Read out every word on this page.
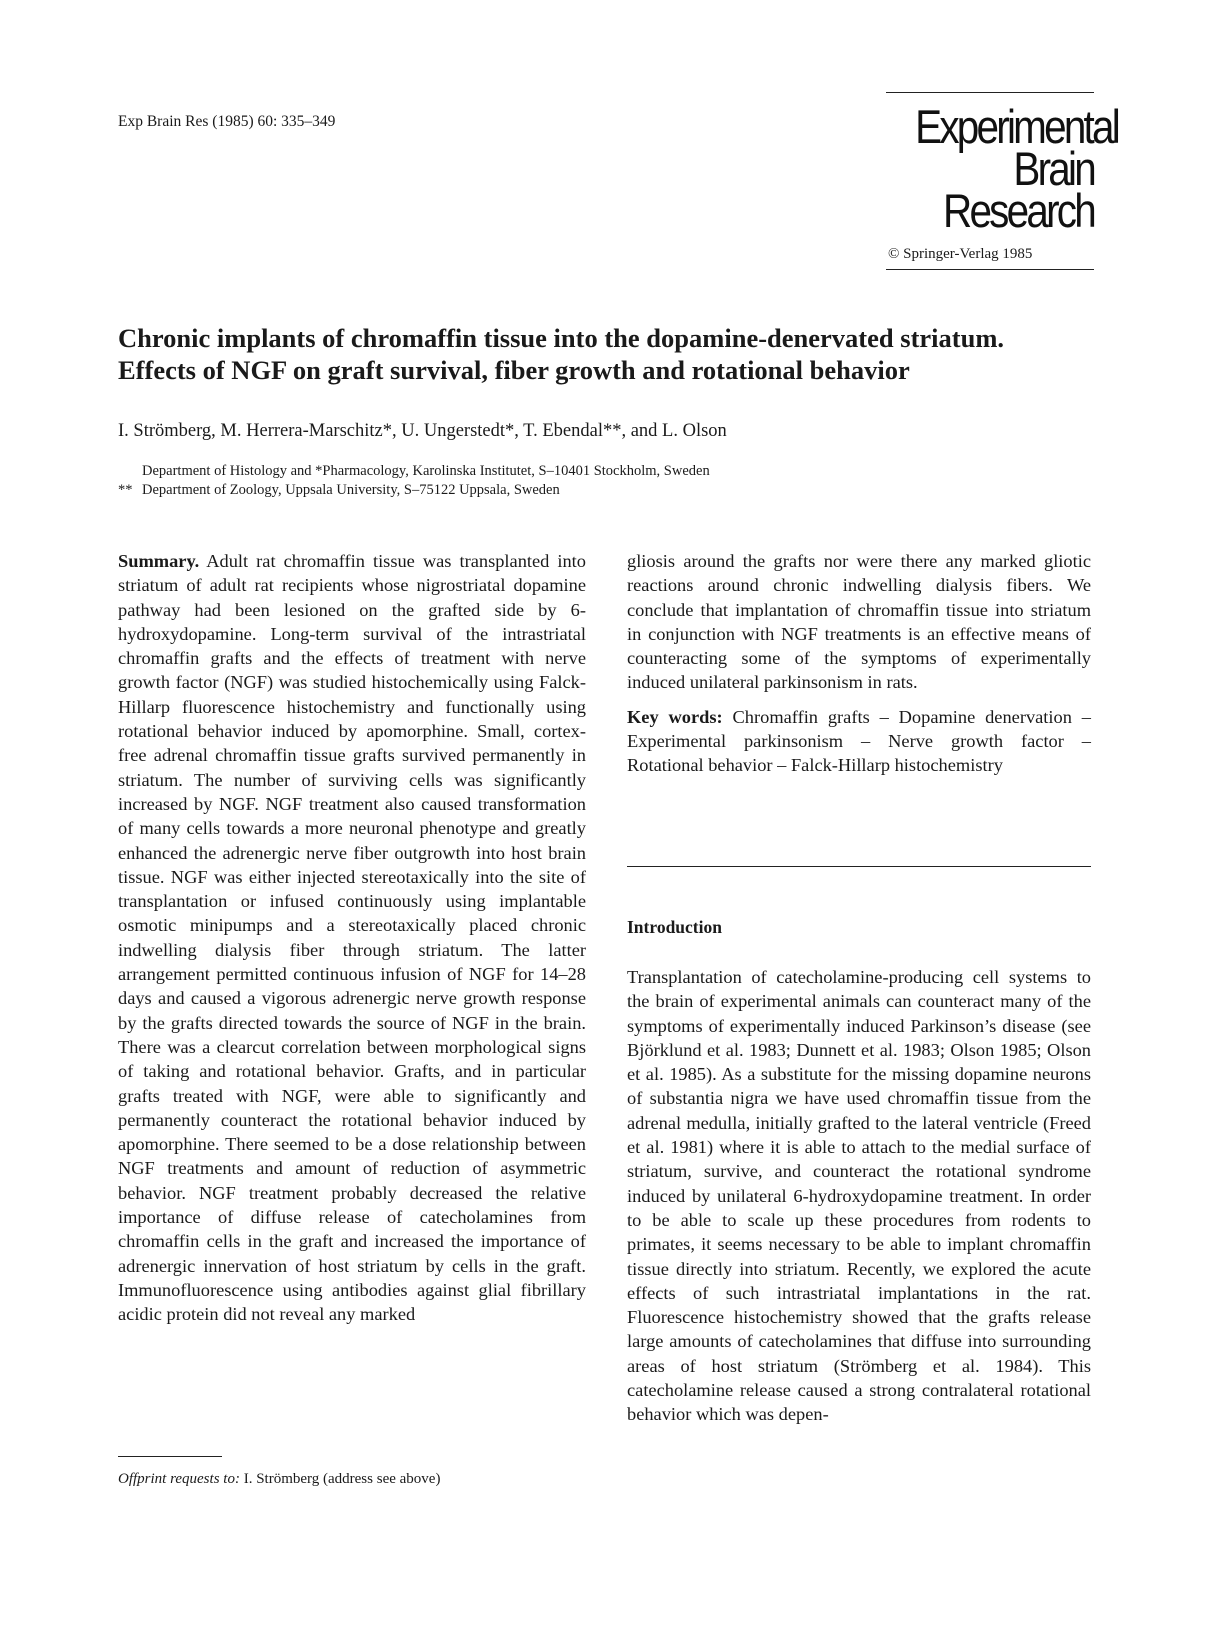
Exp Brain Res (1985) 60: 335–349	Experimental
Brain Research
© Springer-Verlag 1985
Chronic implants of chromaffin tissue into the dopamine-denervated striatum.
Effects of NGF on graft survival, fiber growth and rotational behavior
I. Strömberg, M. Herrera-Marschitz*, U. Ungerstedt*, T. Ebendal**, and L. Olson
Department of Histology and *Pharmacology, Karolinska Institutet, S–10401 Stockholm, Sweden
** Department of Zoology, Uppsala University, S–75122 Uppsala, Sweden

Summary. Adult rat chromaffin tissue was transplanted into striatum of adult rat recipients whose nigrostriatal dopamine pathway had been lesioned on the grafted side by 6-hydroxydopamine. Long-term survival of the intrastriatal chromaffin grafts and the effects of treatment with nerve growth factor (NGF) was studied histochemically using Falck-Hillarp fluorescence histochemistry and functionally using rotational behavior induced by apomorphine. Small, cortex-free adrenal chromaffin tissue grafts survived permanently in striatum. The number of surviving cells was significantly increased by NGF. NGF treatment also caused transformation of many cells towards a more neuronal phenotype and greatly enhanced the adrenergic nerve fiber outgrowth into host brain tissue. NGF was either injected stereotaxically into the site of transplantation or infused continuously using implantable osmotic minipumps and a stereotaxically placed chronic indwelling dialysis fiber through striatum. The latter arrangement permitted continuous infusion of NGF for 14–28 days and caused a vigorous adrenergic nerve growth response by the grafts directed towards the source of NGF in the brain. There was a clearcut correlation between morphological signs of taking and rotational behavior. Grafts, and in particular grafts treated with NGF, were able to significantly and permanently counteract the rotational behavior induced by apomorphine. There seemed to be a dose relationship between NGF treatments and amount of reduction of asymmetric behavior. NGF treatment probably decreased the relative importance of diffuse release of catecholamines from chromaffin cells in the graft and increased the importance of adrenergic innervation of host striatum by cells in the graft. Immunofluorescence using antibodies against glial fibrillary acidic protein did not reveal any marked

gliosis around the grafts nor were there any marked gliotic reactions around chronic indwelling dialysis fibers. We conclude that implantation of chromaffin tissue into striatum in conjunction with NGF treatments is an effective means of counteracting some of the symptoms of experimentally induced unilateral parkinsonism in rats.

Key words: Chromaffin grafts – Dopamine denervation – Experimental parkinsonism – Nerve growth factor – Rotational behavior – Falck-Hillarp histochemistry

Introduction

Transplantation of catecholamine-producing cell systems to the brain of experimental animals can counteract many of the symptoms of experimentally induced Parkinson’s disease (see Björklund et al. 1983; Dunnett et al. 1983; Olson 1985; Olson et al. 1985). As a substitute for the missing dopamine neurons of substantia nigra we have used chromaffin tissue from the adrenal medulla, initially grafted to the lateral ventricle (Freed et al. 1981) where it is able to attach to the medial surface of striatum, survive, and counteract the rotational syndrome induced by unilateral 6-hydroxydopamine treatment. In order to be able to scale up these procedures from rodents to primates, it seems necessary to be able to implant chromaffin tissue directly into striatum. Recently, we explored the acute effects of such intrastriatal implantations in the rat. Fluorescence histochemistry showed that the grafts release large amounts of catecholamines that diffuse into surrounding areas of host striatum (Strömberg et al. 1984). This catecholamine release caused a strong contralateral rotational behavior which was depen-

Offprint requests to: I. Strömberg (address see above)
